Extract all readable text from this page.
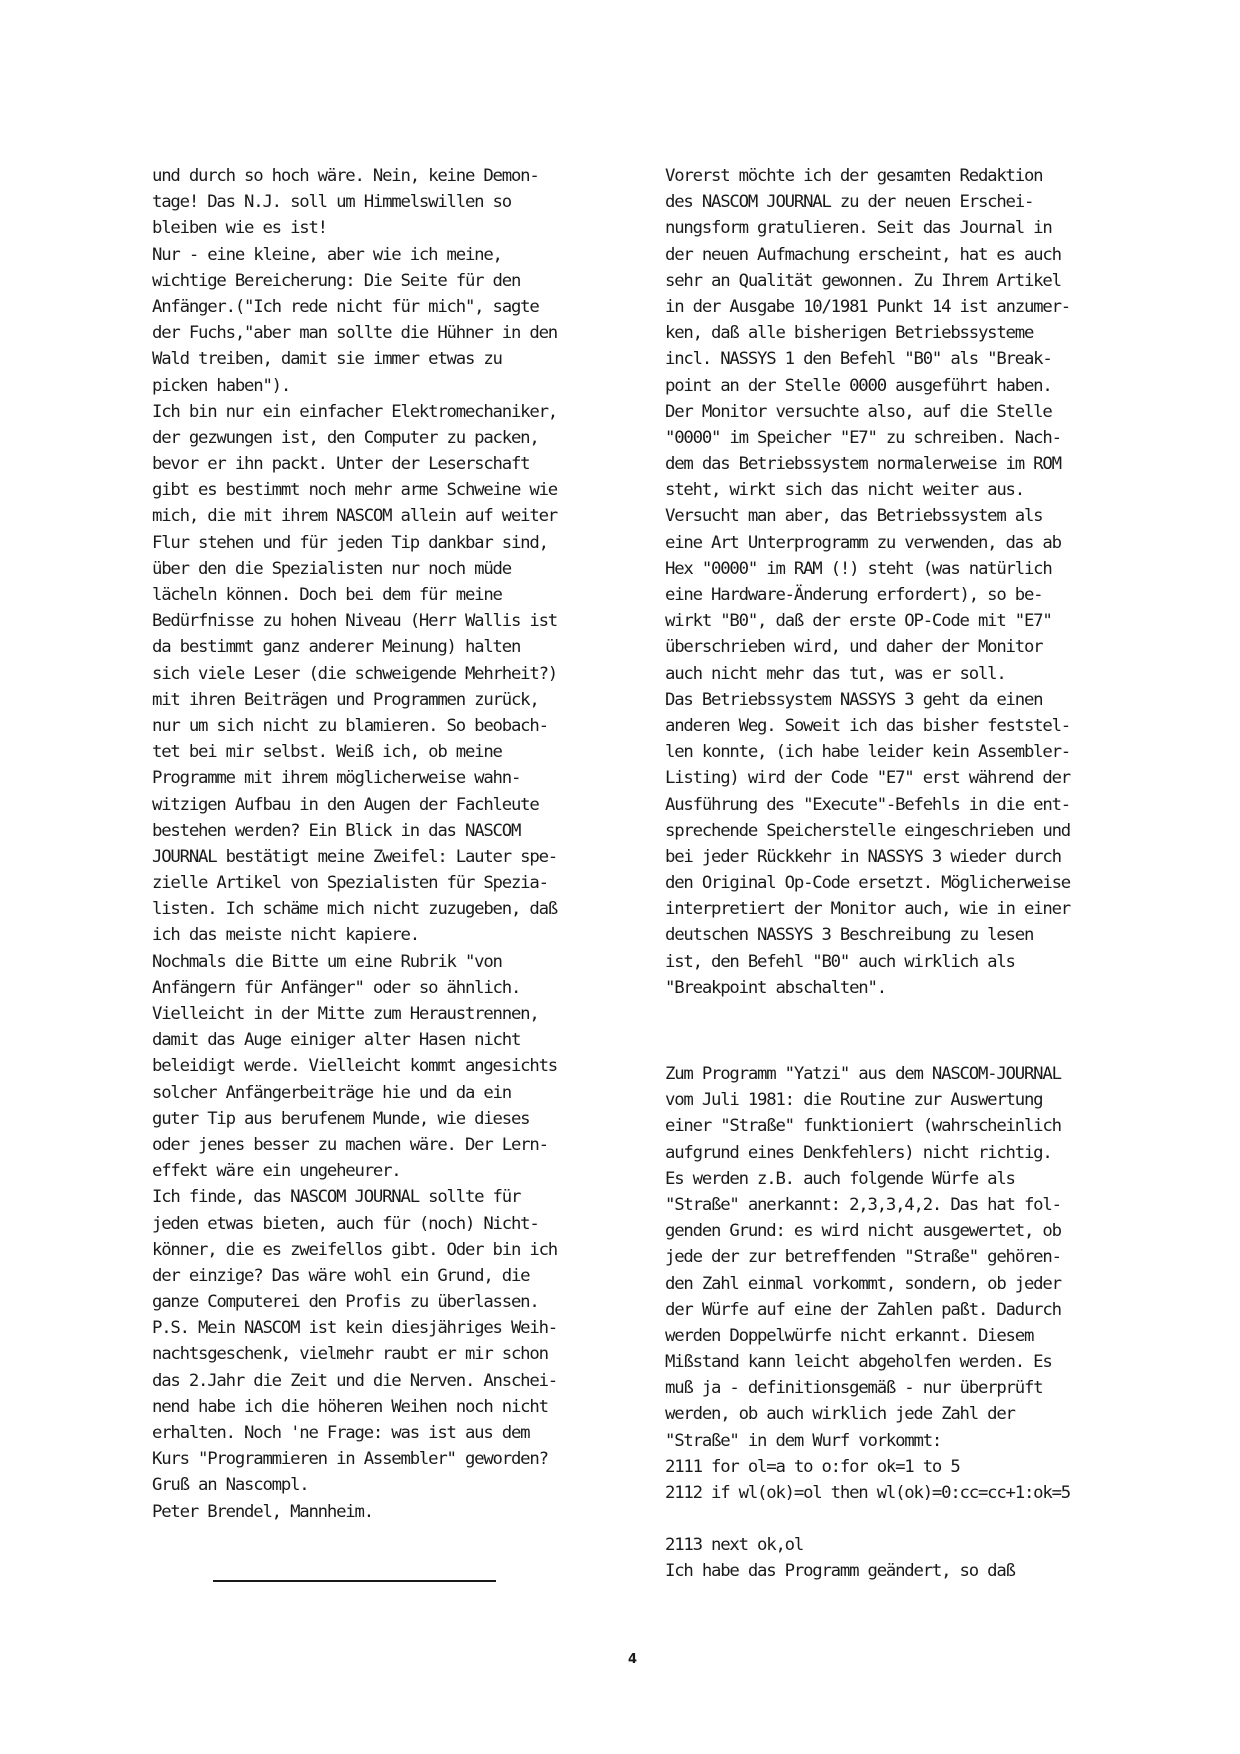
und durch so hoch wäre. Nein, keine Demon-
tage! Das N.J. soll um Himmelswillen so
bleiben wie es ist!
Nur - eine kleine, aber wie ich meine,
wichtige Bereicherung: Die Seite für den
Anfänger.("Ich rede nicht für mich", sagte
der Fuchs,"aber man sollte die Hühner in den
Wald treiben, damit sie immer etwas zu
picken haben").
Ich bin nur ein einfacher Elektromechaniker,
der gezwungen ist, den Computer zu packen,
bevor er ihn packt. Unter der Leserschaft
gibt es bestimmt noch mehr arme Schweine wie
mich, die mit ihrem NASCOM allein auf weiter
Flur stehen und für jeden Tip dankbar sind,
über den die Spezialisten nur noch müde
lächeln können. Doch bei dem für meine
Bedürfnisse zu hohen Niveau (Herr Wallis ist
da bestimmt ganz anderer Meinung) halten
sich viele Leser (die schweigende Mehrheit?)
mit ihren Beiträgen und Programmen zurück,
nur um sich nicht zu blamieren. So beobach-
tet bei mir selbst. Weiß ich, ob meine
Programme mit ihrem möglicherweise wahn-
witzigen Aufbau in den Augen der Fachleute
bestehen werden? Ein Blick in das NASCOM
JOURNAL bestätigt meine Zweifel: Lauter spe-
zielle Artikel von Spezialisten für Spezia-
listen. Ich schäme mich nicht zuzugeben, daß
ich das meiste nicht kapiere.
Nochmals die Bitte um eine Rubrik "von
Anfängern für Anfänger" oder so ähnlich.
Vielleicht in der Mitte zum Heraustrennen,
damit das Auge einiger alter Hasen nicht
beleidigt werde. Vielleicht kommt angesichts
solcher Anfängerbeiträge hie und da ein
guter Tip aus berufenem Munde, wie dieses
oder jenes besser zu machen wäre. Der Lern-
effekt wäre ein ungeheurer.
Ich finde, das NASCOM JOURNAL sollte für
jeden etwas bieten, auch für (noch) Nicht-
könner, die es zweifellos gibt. Oder bin ich
der einzige? Das wäre wohl ein Grund, die
ganze Computerei den Profis zu überlassen.
P.S. Mein NASCOM ist kein diesjähriges Weih-
nachtsgeschenk, vielmehr raubt er mir schon
das 2.Jahr die Zeit und die Nerven. Anschei-
nend habe ich die höheren Weihen noch nicht
erhalten. Noch 'ne Frage: was ist aus dem
Kurs "Programmieren in Assembler" geworden?
Gruß an Nascompl.
Peter Brendel, Mannheim.
Vorerst möchte ich der gesamten Redaktion
des NASCOM JOURNAL zu der neuen Erschei-
nungsform gratulieren. Seit das Journal in
der neuen Aufmachung erscheint, hat es auch
sehr an Qualität gewonnen. Zu Ihrem Artikel
in der Ausgabe 10/1981 Punkt 14 ist anzumer-
ken, daß alle bisherigen Betriebssysteme
incl. NASSYS 1 den Befehl "B0" als "Break-
point an der Stelle 0000 ausgeführt haben.
Der Monitor versuchte also, auf die Stelle
"0000" im Speicher "E7" zu schreiben. Nach-
dem das Betriebssystem normalerweise im ROM
steht, wirkt sich das nicht weiter aus.
Versucht man aber, das Betriebssystem als
eine Art Unterprogramm zu verwenden, das ab
Hex "0000" im RAM (!) steht (was natürlich
eine Hardware-Änderung erfordert), so be-
wirkt "B0", daß der erste OP-Code mit "E7"
überschrieben wird, und daher der Monitor
auch nicht mehr das tut, was er soll.
Das Betriebssystem NASSYS 3 geht da einen
anderen Weg. Soweit ich das bisher feststel-
len konnte, (ich habe leider kein Assembler-
Listing) wird der Code "E7" erst während der
Ausführung des "Execute"-Befehls in die ent-
sprechende Speicherstelle eingeschrieben und
bei jeder Rückkehr in NASSYS 3 wieder durch
den Original Op-Code ersetzt. Möglicherweise
interpretiert der Monitor auch, wie in einer
deutschen NASSYS 3 Beschreibung zu lesen
ist, den Befehl "B0" auch wirklich als
"Breakpoint abschalten".
Zum Programm "Yatzi" aus dem NASCOM-JOURNAL
vom Juli 1981: die Routine zur Auswertung
einer "Straße" funktioniert (wahrscheinlich
aufgrund eines Denkfehlers) nicht richtig.
Es werden z.B. auch folgende Würfe als
"Straße" anerkannt: 2,3,3,4,2. Das hat fol-
genden Grund: es wird nicht ausgewertet, ob
jede der zur betreffenden "Straße" gehören-
den Zahl einmal vorkommt, sondern, ob jeder
der Würfe auf eine der Zahlen paßt. Dadurch
werden Doppelwürfe nicht erkannt. Diesem
Mißstand kann leicht abgeholfen werden. Es
muß ja - definitionsgemäß - nur überprüft
werden, ob auch wirklich jede Zahl der
"Straße" in dem Wurf vorkommt:
2111 for ol=a to o:for ok=1 to 5
2112 if wl(ok)=ol then wl(ok)=0:cc=cc+1:ok=5
2113 next ok,ol
Ich habe das Programm geändert, so daß
4
